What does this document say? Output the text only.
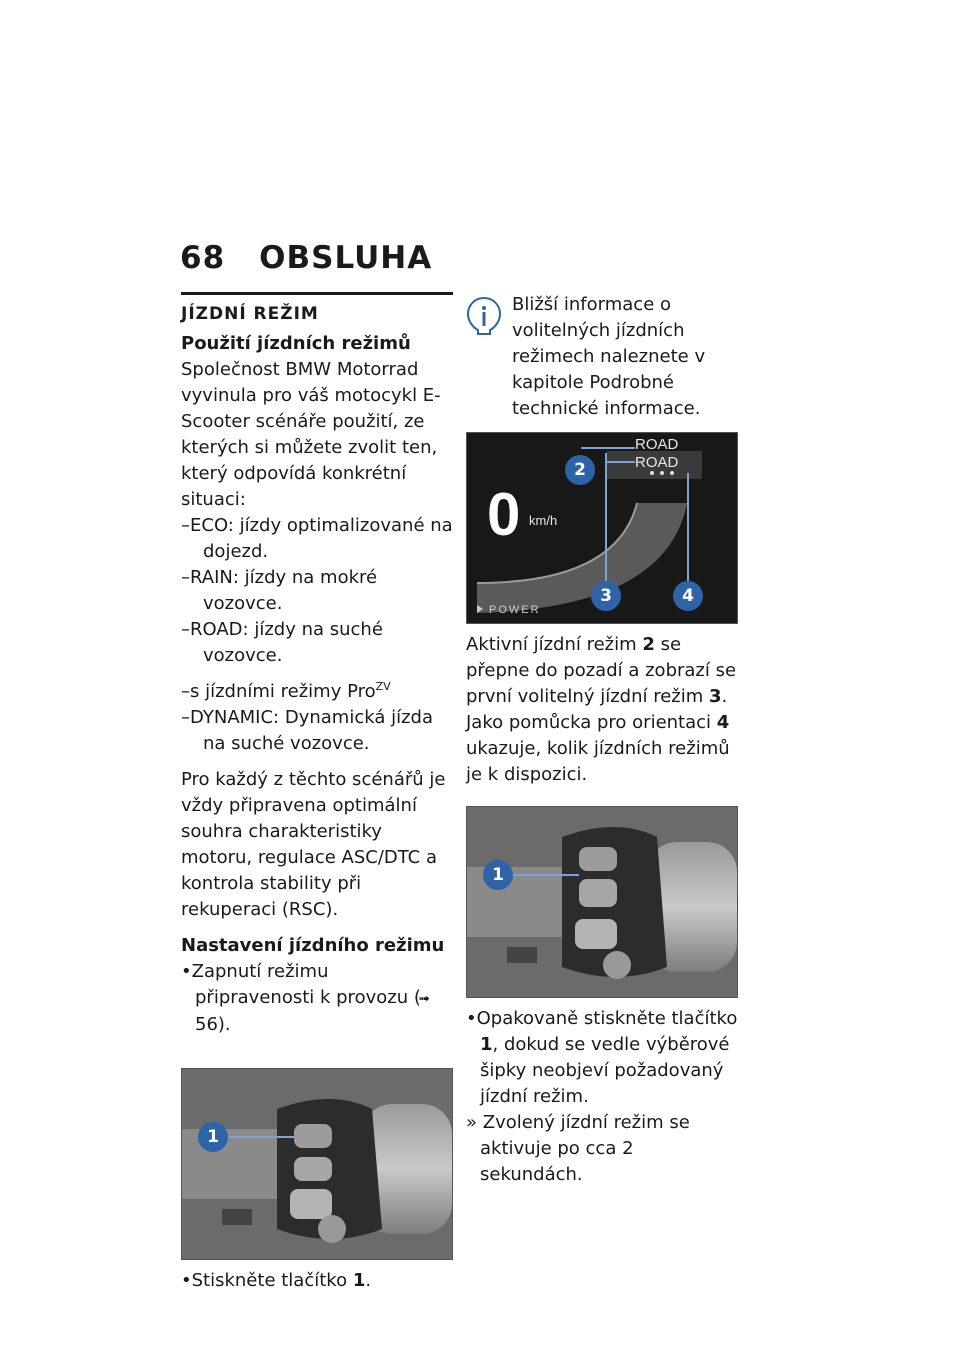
68 OBSLUHA
JÍZDNÍ REŽIM

Použití jízdních režimů

Společnost BMW Motorrad vyvinula pro váš motocykl E-Scooter scénáře použití, ze kterých si můžete zvolit ten, který odpovídá konkrétní situaci:

–ECO: jízdy optimalizované na dojezd.

–RAIN: jízdy na mokré vozovce.

–ROAD: jízdy na suché vozovce.

–s jízdními režimy Pro$^{ZV}$

–DYNAMIC: Dynamická jízda na suché vozovce.

Pro každý z těchto scénářů je vždy připravena optimální souhra charakteristiky motoru, regulace ASC/DTC a kontrola stability při rekuperaci (RSC).

Nastavení jízdního režimu

•Zapnutí režimu připravenosti k provozu (➟56).

1

•Stiskněte tlačítko 1.

Bližší informace o volitelných jízdních režimech naleznete v kapitole Podrobné technické informace.

0 km/h
ROAD
ROAD
POWER
2
3	4

Aktivní jízdní režim 2 se přepne do pozadí a zobrazí se první volitelný jízdní režim 3. Jako pomůcka pro orientaci 4 ukazuje, kolik jízdních režimů je k dispozici.

1

•Opakovaně stiskněte tlačítko 1, dokud se vedle výběrové šipky neobjeví požadovaný jízdní režim.

» Zvolený jízdní režim se aktivuje po cca 2 sekundách.
